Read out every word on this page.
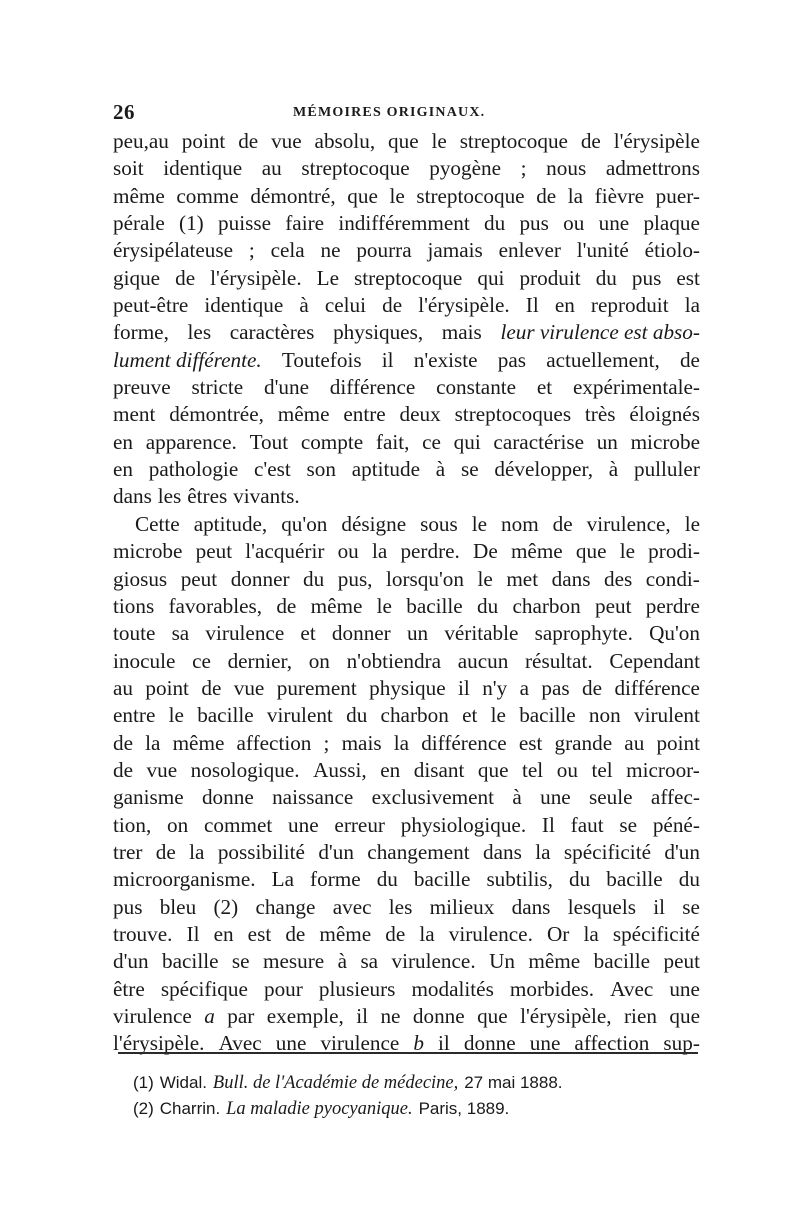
26	MÉMOIRES ORIGINAUX.
peu,au point de vue absolu, que le streptocoque de l'érysipèle
soit identique au streptocoque pyogène ; nous admettrons
même comme démontré, que le streptocoque de la fièvre puer-
pérale (1) puisse faire indifféremment du pus ou une plaque
érysipélateuse ; cela ne pourra jamais enlever l'unité étiolo-
gique de l'érysipèle. Le streptocoque qui produit du pus est
peut-être identique à celui de l'érysipèle. Il en reproduit la
forme, les caractères physiques, mais leur virulence est abso-
lument différente. Toutefois il n'existe pas actuellement, de
preuve stricte d'une différence constante et expérimentale-
ment démontrée, même entre deux streptocoques très éloignés
en apparence. Tout compte fait, ce qui caractérise un microbe
en pathologie c'est son aptitude à se développer, à pulluler
dans les êtres vivants.
Cette aptitude, qu'on désigne sous le nom de virulence, le
microbe peut l'acquérir ou la perdre. De même que le prodi-
giosus peut donner du pus, lorsqu'on le met dans des condi-
tions favorables, de même le bacille du charbon peut perdre
toute sa virulence et donner un véritable saprophyte. Qu'on
inocule ce dernier, on n'obtiendra aucun résultat. Cependant
au point de vue purement physique il n'y a pas de différence
entre le bacille virulent du charbon et le bacille non virulent
de la même affection ; mais la différence est grande au point
de vue nosologique. Aussi, en disant que tel ou tel microor-
ganisme donne naissance exclusivement à une seule affec-
tion, on commet une erreur physiologique. Il faut se péné-
trer de la possibilité d'un changement dans la spécificité d'un
microorganisme. La forme du bacille subtilis, du bacille du
pus bleu (2) change avec les milieux dans lesquels il se
trouve. Il en est de même de la virulence. Or la spécificité
d'un bacille se mesure à sa virulence. Un même bacille peut
être spécifique pour plusieurs modalités morbides. Avec une
virulence a par exemple, il ne donne que l'érysipèle, rien que
l'érysipèle. Avec une virulence b il donne une affection sup-
(1) Widal. Bull. de l'Académie de médecine, 27 mai 1888.
(2) Charrin. La maladie pyocyanique. Paris, 1889.
